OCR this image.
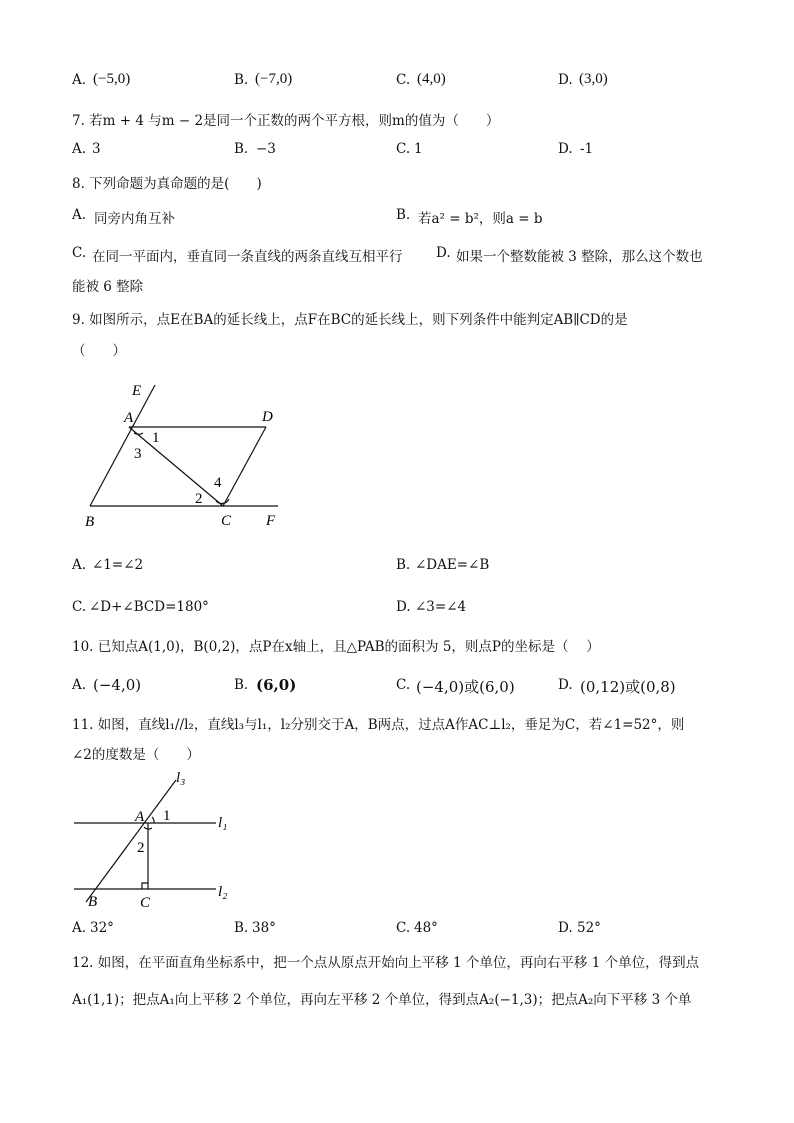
A. (−5,0)	B. (−7,0)	C. (4,0)	D. (3,0)
7. 若m + 4 与m − 2是同一个正数的两个平方根，则m的值为（　　）
A. 3	B. −3	C. 1	D. -1
8. 下列命题为真命题的是(　　)
A. 同旁内角互补	B. 若a² = b²，则a = b
C. 在同一平面内，垂直同一条直线的两条直线互相平行 D. 如果一个整数能被 3 整除，那么这个数也
能被 6 整除
9. 如图所示，点E在BA的延长线上，点F在BC的延长线上，则下列条件中能判定AB∥CD的是
（　　）
E
A	D
B	C F
1
3
2
4
A. ∠1=∠2	B. ∠DAE=∠B
C. ∠D+∠BCD=180°	D. ∠3=∠4
10. 已知点A(1,0)，B(0,2)，点P在x轴上，且△PAB的面积为 5，则点P的坐标是（　 ）
A. (−4,0)	B. (6,0)	C. (−4,0)或(6,0)	D. (0,12)或(0,8)
11. 如图，直线l₁//l₂，直线l₃与l₁，l₂分别交于A，B两点，过点A作AC⊥l₂，垂足为C，若∠1=52°，则
∠2的度数是（　　）
l₃
l₁
l₂
A
B	C
1
2
A. 32°	B. 38°	C. 48°	D. 52°
12. 如图，在平面直角坐标系中，把一个点从原点开始向上平移 1 个单位，再向右平移 1 个单位，得到点
A₁(1,1)；把点A₁向上平移 2 个单位，再向左平移 2 个单位，得到点A₂(−1,3)；把点A₂向下平移 3 个单
